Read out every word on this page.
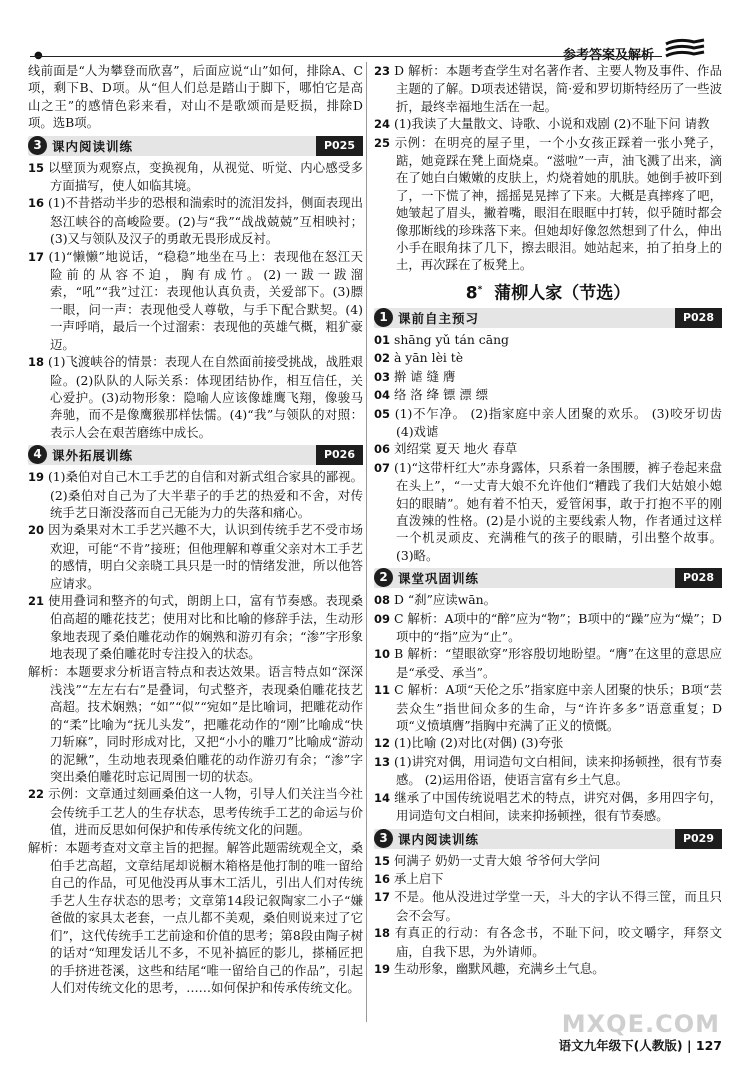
●	参考答案及解析

线前面是“人为攀登而欣喜”，后面应说“山”如何，排除A、C项，剩下B、D项。从“但人们总是踏山于脚下，哪怕它是高山之王”的感情色彩来看，对山不是歌颂而是贬损，排除D项。选B项。

3 课内阅读训练	P025

15 以壁顶为观察点，变换视角，从视觉、听觉、内心感受多方面描写，使人如临其境。

16 (1)不昔搭动半步的恐根和湍索时的流泪发抖，侧面表现出怒江峡谷的高峻险要。(2)与“我”“战战兢兢”互相映衬；(3)又与领队及汉子的勇敢无畏形成反衬。

17 (1)“懒懒”地说话，“稳稳”地坐在马上：表现他在怒江天险前的从容不迫，胸有成竹。(2)一跋一跋溜索，“吼”“我”过江：表现他认真负责，关爱部下。(3)膘一眼，问一声：表现他受人尊敬，与手下配合默契。(4)一声呼哨，最后一个过溜索：表现他的英雄气概，粗犷豪迈。

18 (1)飞渡峡谷的情景：表现人在自然面前接受挑战，战胜艰险。(2)队队的人际关系：体现团结协作，相互信任，关心爱护。(3)动物形象：隐喻人应该像雄鹰飞翔，像骏马奔驰，而不是像鹰猴那样怯懦。(4)“我”与领队的对照：表示人会在艰苦磨练中成长。

4 课外拓展训练	P026

19 (1)桑伯对自己木工手艺的自信和对新式组合家具的鄙视。(2)桑伯对自己为了大半辈子的手艺的热爱和不舍，对传统手艺日渐没落而自己无能为力的失落和痛心。

20 因为桑果对木工手艺兴趣不大，认识到传统手艺不受市场欢迎，可能“不肯”接班；但他理解和尊重父亲对木工手艺的感情，明白父亲晓工具只是一时的情绪发泄，所以他答应请求。

21 使用叠词和整齐的句式，朗朗上口，富有节奏感。表现桑伯高超的雕花技艺；使用对比和比喻的修辞手法，生动形象地表现了桑伯雕花动作的娴熟和游刃有余；“渗”字形象地表现了桑伯雕花时专注投入的状态。

解析：本题要求分析语言特点和表达效果。语言特点如“深深浅浅”“左左右右”是叠词，句式整齐，表现桑伯雕花技艺高超。技术娴熟；“如”“似”“宛如”是比喻词，把雕花动作的“柔”比喻为“抚儿头发”，把雕花动作的“刚”比喻成“快刀斩麻”，同时形成对比，又把“小小的雕刀”比喻成“游动的泥鳅”，生动地表现桑伯雕花的动作游刃有余；“渗”字突出桑伯雕花时忘记周围一切的状态。

22 示例：文章通过刻画桑伯这一人物，引导人们关注当今社会传统手工艺人的生存状态，思考传统手工艺的命运与价值，进而反思如何保护和传承传统文化的问题。

解析：本题考查对文章主旨的把握。解答此题需统观全文，桑伯手艺高超，文章结尾却说橱木箱格是他打制的唯一留给自己的作品，可见他没再从事木工活儿，引出人们对传统手艺人生存状态的思考；文章第14段记叙陶家二小子“嫌爸做的家具太老套，一点儿都不美观，桑伯则说来过了它们”，这代传统手工艺前途和价值的思考；第8段由陶子树的话对“知理发话儿不多，不见补搞匠的影儿，搽桶匠把的手挤进苍溪，这些和结尾“唯一留给自己的作品”，引起人们对传统文化的思考，……如何保护和传承传统文化。

23 D 解析：本题考查学生对名著作者、主要人物及事件、作品主题的了解。D项表述错误，简·爱和罗切斯特经历了一些波折，最终幸福地生活在一起。

24 (1)我读了大量散文、诗歌、小说和戏剧 (2)不耻下问 请教

25 示例：在明亮的屋子里，一个小女孩正踩着一张小凳子，踮，她竟踩在凳上面烧桌。“滋啦”一声，油飞溅了出来，滴在了她白白嫩嫩的皮肤上，灼烧着她的肌肤。她倒手被吓到了，一下慌了神，摇摇晃晃摔了下来。大概是真摔疼了吧，她皱起了眉头，撇着嘴，眼泪在眼眶中打转，似乎随时都会像那断线的珍珠落下来。但她却好像忽然想到了什么，伸出小手在眼角抹了几下，擦去眼泪。她站起来，拍了拍身上的土，再次踩在了板凳上。

8* 蒲柳人家（节选）
1 课前自主预习	P028

01 shāng yǔ tán cāng

02 à yān lèi tè

03 擀 谑 缝 膺

04 络 洛 绛 镖 漂 缥

05 (1)不乍净。 (2)指家庭中亲人团聚的欢乐。 (3)咬牙切齿 (4)戏谑

06 刘绍棠 夏天 地火 春草

07 (1)“这带杆红大”赤身露体，只系着一条围腰，裤子卷起来盘在头上”，“一丈青大娘不允许他们“糟践了我们大姑娘小媳妇的眼睛”。她有着不怕天，爱管闲事，敢于打抱不平的刚直泼辣的性格。(2)是小说的主要线索人物，作者通过这样一个机灵顽皮、充满稚气的孩子的眼睛，引出整个故事。(3)略。

2 课堂巩固训练	P028

08 D “刹”应读wān。

09 C 解析：A项中的“醉”应为“物”；B项中的“躁”应为“燥”；D项中的“指”应为“止”。

10 B 解析：“望眼欲穿”形容殷切地盼望。“膺”在这里的意思应是“承受、承当”。

11 C 解析：A项“天伦之乐”指家庭中亲人团聚的快乐；B项“芸芸众生”指世间众多的生命，与“许许多多”语意重复；D项“义愤填膺”指胸中充满了正义的愤慨。

12 (1)比喻 (2)对比(对偶) (3)夸张

13 (1)讲究对偶，用词造句文白相间，读来抑扬顿挫，很有节奏感。 (2)运用俗语，使语言富有乡土气息。

14 继承了中国传统说唱艺术的特点，讲究对偶，多用四字句，用词造句文白相间，读来抑扬顿挫，很有节奏感。

3 课内阅读训练	P029

15 何满子 奶奶一丈青大娘 爷爷何大学问

16 承上启下

17 不是。他从没进过学堂一天，斗大的字认不得三筐，而且只会不会写。

18 有真正的行动：有各念书，不耻下问，咬文嚼字，拜祭文庙，自我下思，为外请师。

19 生动形象，幽默风趣，充满乡土气息。

MXQE.COM
语文九年级下(人教版) | 127
